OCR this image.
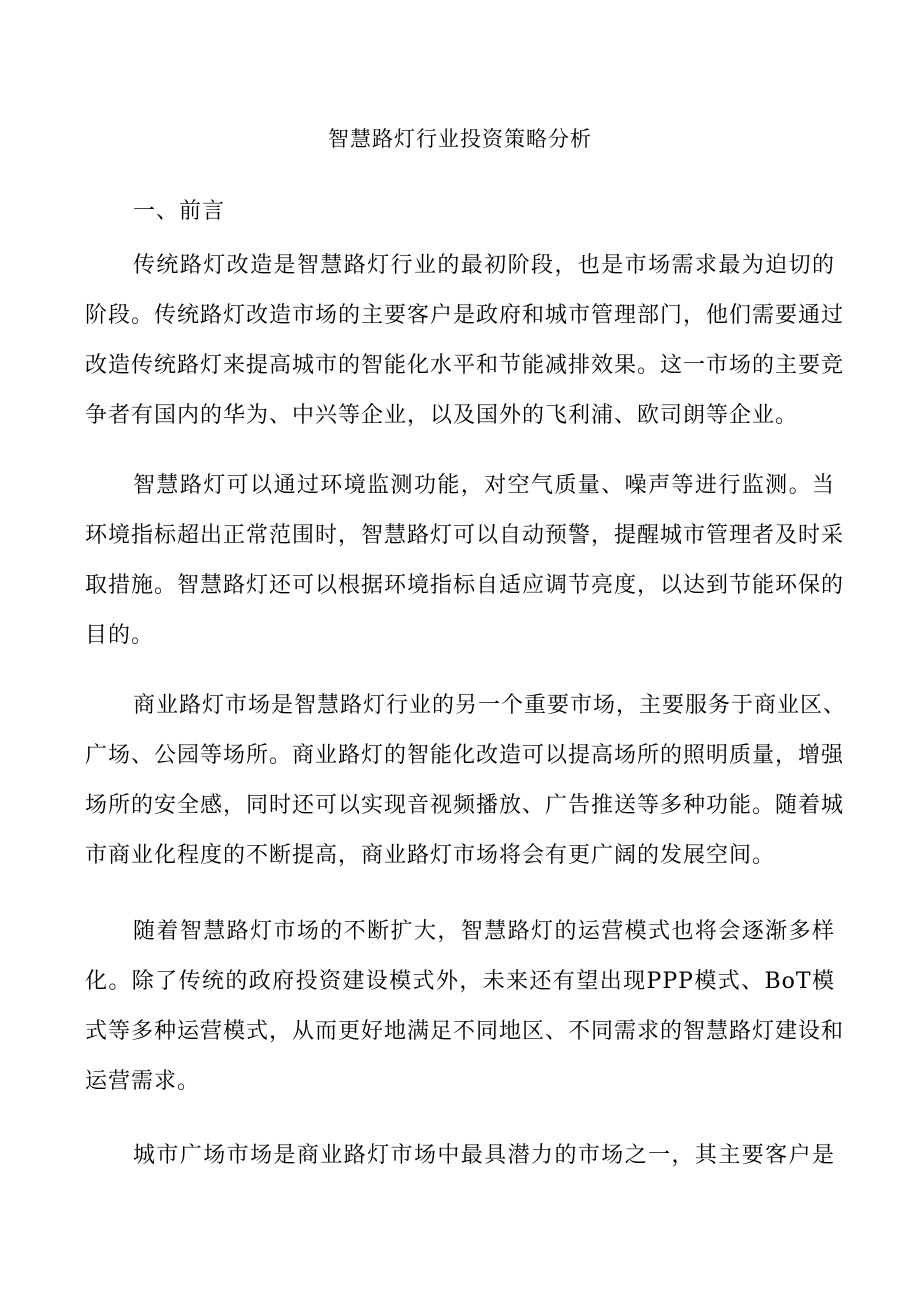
智慧路灯行业投资策略分析
一、前言
传统路灯改造是智慧路灯行业的最初阶段，也是市场需求最为迫切的
阶段。传统路灯改造市场的主要客户是政府和城市管理部门，他们需要通过
改造传统路灯来提高城市的智能化水平和节能减排效果。这一市场的主要竞
争者有国内的华为、中兴等企业，以及国外的飞利浦、欧司朗等企业。
智慧路灯可以通过环境监测功能，对空气质量、噪声等进行监测。当
环境指标超出正常范围时，智慧路灯可以自动预警，提醒城市管理者及时采
取措施。智慧路灯还可以根据环境指标自适应调节亮度，以达到节能环保的
目的。
商业路灯市场是智慧路灯行业的另一个重要市场，主要服务于商业区、
广场、公园等场所。商业路灯的智能化改造可以提高场所的照明质量，增强
场所的安全感，同时还可以实现音视频播放、广告推送等多种功能。随着城
市商业化程度的不断提高，商业路灯市场将会有更广阔的发展空间。
随着智慧路灯市场的不断扩大，智慧路灯的运营模式也将会逐渐多样
化。除了传统的政府投资建设模式外，未来还有望出现PPP模式、BoT模
式等多种运营模式，从而更好地满足不同地区、不同需求的智慧路灯建设和
运营需求。
城市广场市场是商业路灯市场中最具潜力的市场之一，其主要客户是
